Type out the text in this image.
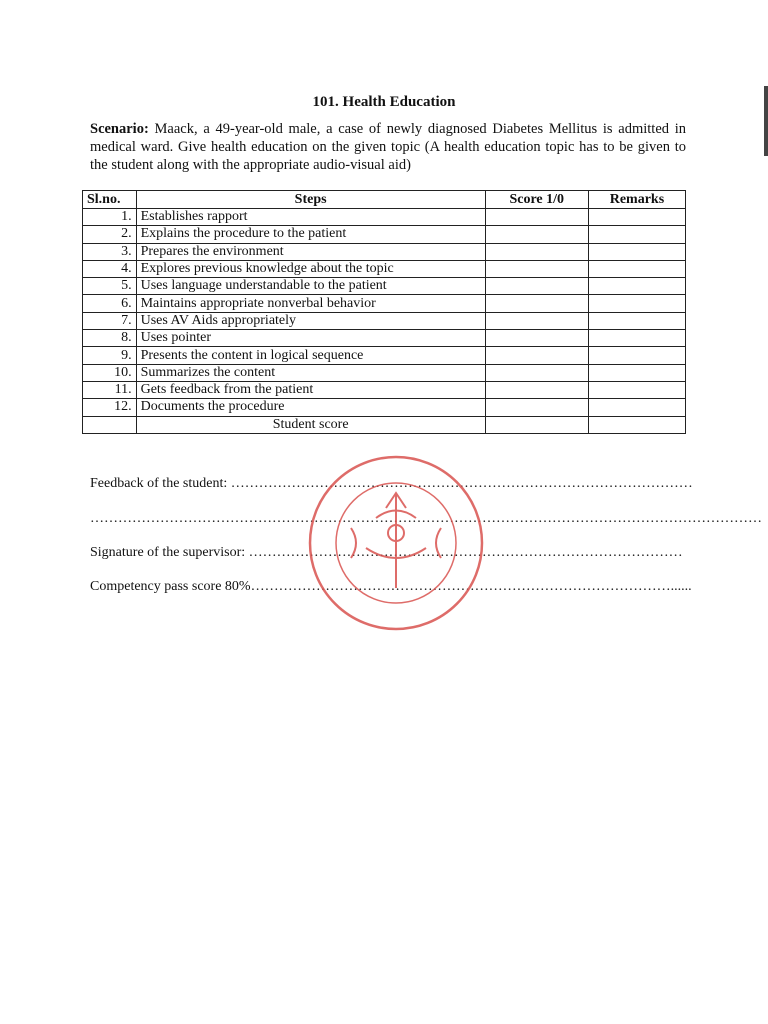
101. Health Education
Scenario: Maack, a 49-year-old male, a case of newly diagnosed Diabetes Mellitus is admitted in medical ward. Give health education on the given topic (A health education topic has to be given to the student along with the appropriate audio-visual aid)
Sl.no.	Steps	Score 1/0	Remarks
1.	Establishes rapport		
2.	Explains the procedure to the patient		
3.	Prepares the environment		
4.	Explores previous knowledge about the topic		
5.	Uses language understandable to the patient		
6.	Maintains appropriate nonverbal behavior		
7.	Uses AV Aids appropriately		
8.	Uses pointer		
9.	Presents the content in logical sequence		
10.	Summarizes the content		
11.	Gets feedback from the patient		
12.	Documents the procedure		
	Student score		
Feedback of the student: ………………………………………………………………………………………
………………………………………………………………………………………………………………………………
Signature of the supervisor: …………………………………………………………………………………
Competency pass score 80%………………………………………………………………………………......
